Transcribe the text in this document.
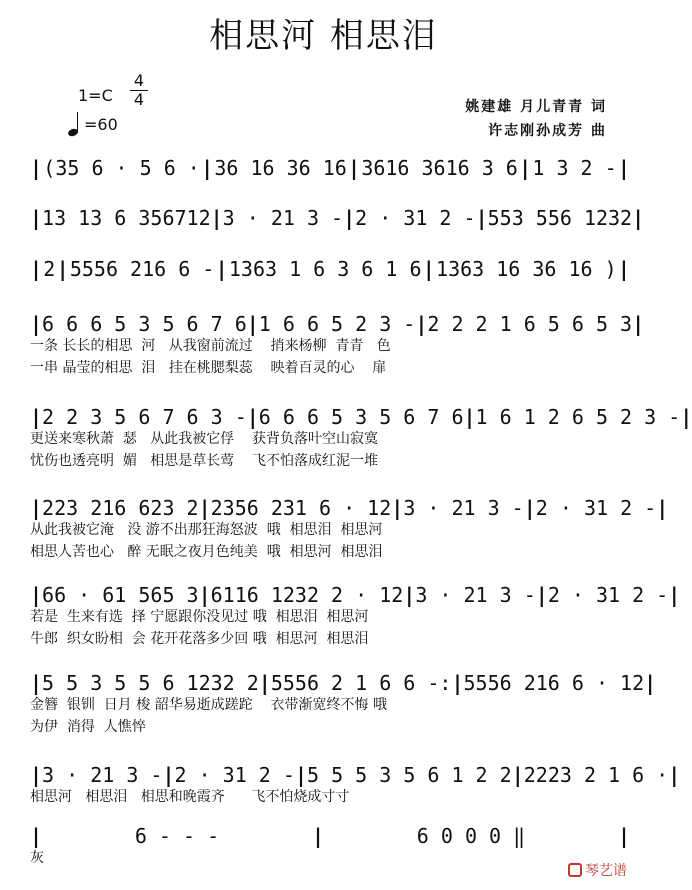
相思河 相思泪
1=C
4
4
=60
姚建雄 月儿青青 词
许志刚孙成芳 曲
| (35 6 · 5 6 · | 36 16 36 16 | 3616 3616 3 6 | 1 3 2 - |
| 13 13 6 35671̇2 | 3 · 21 3 - | 2 · 31 2 - | 553 556 1232 |
| 2 | 5556 216 6 - | 1363 1 6 3 6 1 6 | 1363 16 36 16 ) |
| 6 6 6 5 3 5 6 7 6 | 1 6 6 5 2 3 - | 2 2 2 1 6 5 6 5 3 |
一条 长长的相思  河   从我窗前流过    捎来杨柳  青青   色
一串 晶莹的相思  泪   挂在桃腮梨蕊    映着百灵的心    扉
| 2 2 3 5 6 7 6 3 - | 6 6 6 5 3 5 6 7 6 | 1 6 1 2 6 5 2 3 - |
更送来寒秋萧  瑟   从此我被它俘    获背负落叶空山寂寞
忧伤也透亮明  媚   相思是草长莺    飞不怕落成红泥一堆
| 223 216 623 2 | 2356 231 6 · 12 | 3 · 21 3 - | 2 · 31 2 - |
从此我被它淹   没 游不出那狂海怒波  哦  相思泪  相思河
相思人苦也心   醉 无眠之夜月色纯美  哦  相思河  相思泪
| 66 · 61 565 3 | 6116 1232 2 · 12 | 3 · 21 3 - | 2 · 31 2 - |
若是  生来有选  择 宁愿跟你没见过 哦  相思泪  相思河
牛郎  织女盼相  会 花开花落多少回 哦  相思河  相思泪
| 5 5 3 5 5 6 1232 2 | 5556 2 1 6 6 -: | 5556 216 6 · 12 |
金簪  银钏  日月 梭 韶华易逝成蹉跎    衣带渐宽终不悔 哦
为伊  消得  人憔悴
| 3 · 21 3 - | 2 · 31 2 - | 5 5 5 3 5 6 1 2 2 | 2223 2 1 6 · |
相思河   相思泪   相思和晚霞齐      飞不怕烧成寸寸
|	6 - - -	|	6 0 0 0 ‖	|
灰
琴艺谱
